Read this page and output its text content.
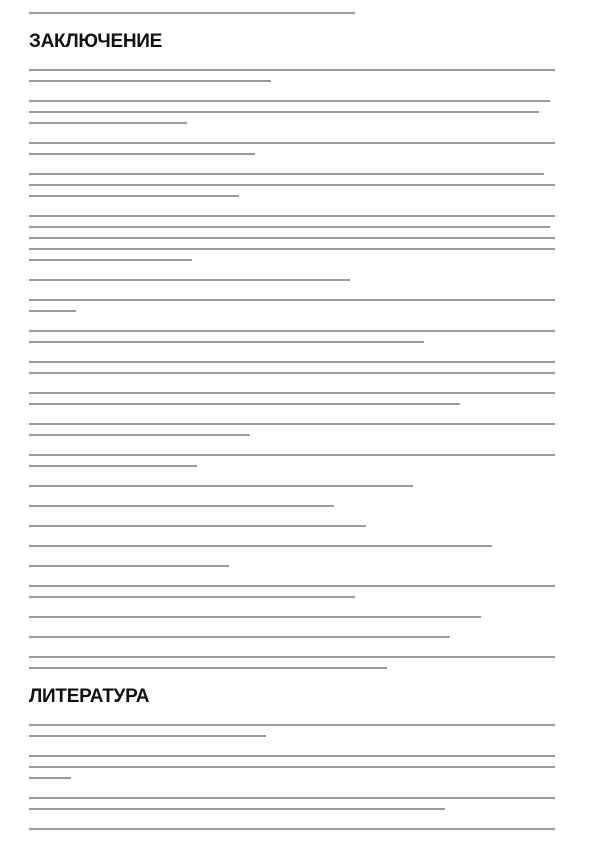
ЗАКЛЮЧЕНИЕ
ЛИТЕРАТУРА
